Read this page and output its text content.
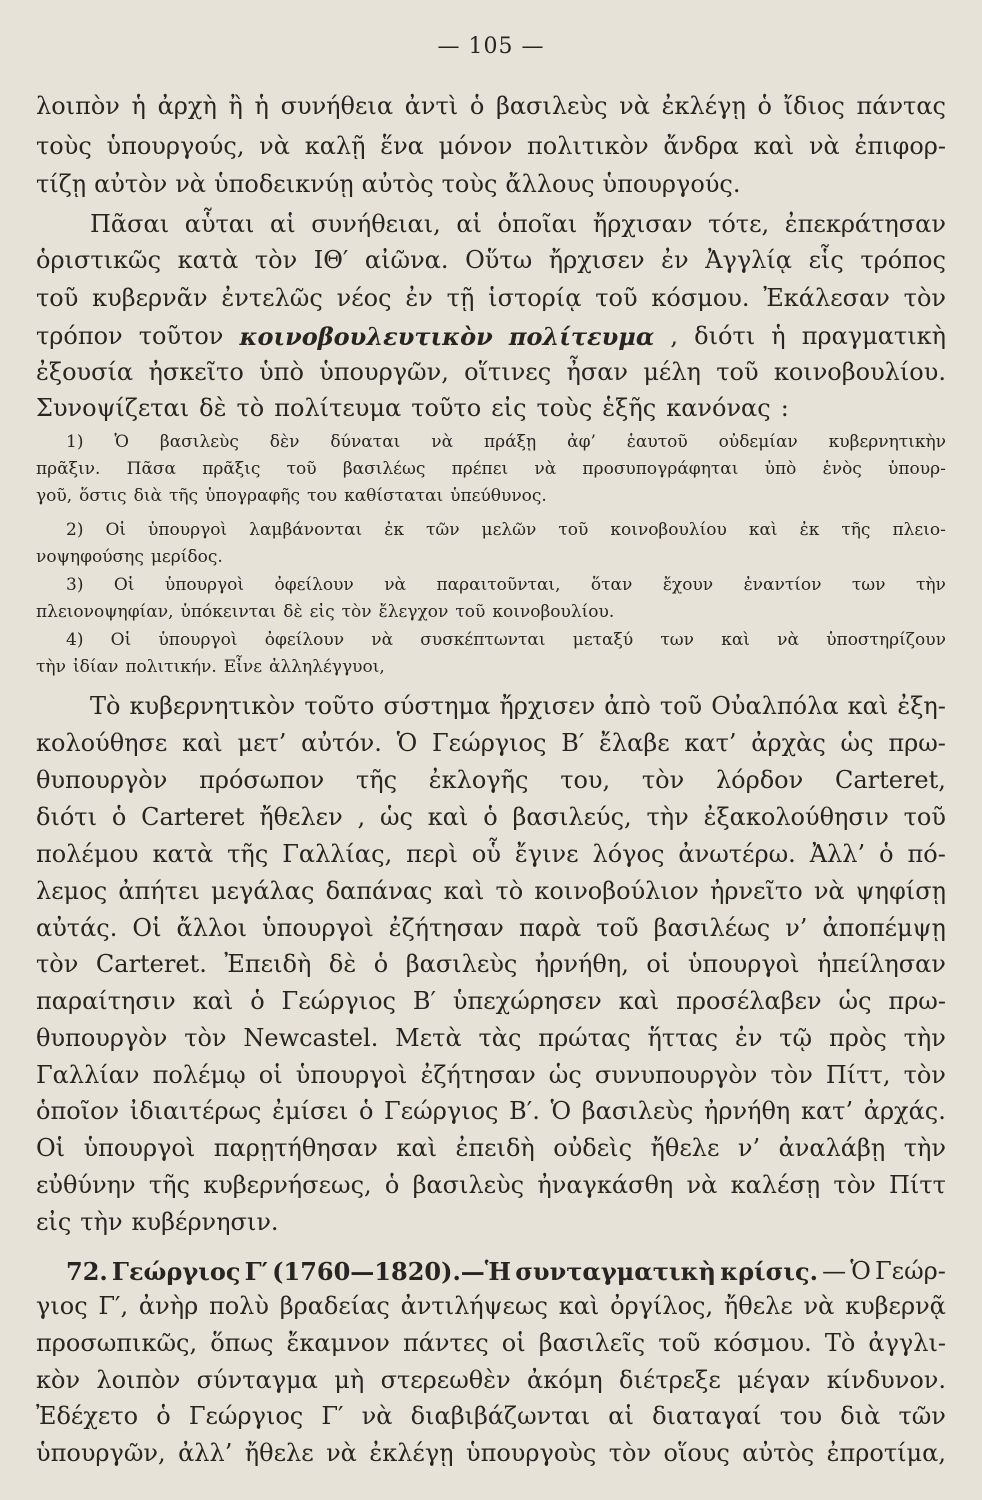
— 105 —
λοιπὸν ἡ ἀρχὴ ἢ ἡ συνήθεια ἀντὶ ὁ βασιλεὺς νὰ ἐκλέγῃ ὁ ἴδιος πάντας
τοὺς ὑπουργούς, νὰ καλῇ ἕνα μόνον πολιτικὸν ἄνδρα καὶ νὰ ἐπιφορ-
τίζῃ αὐτὸν νὰ ὑποδεικνύῃ αὐτὸς τοὺς ἄλλους ὑπουργούς.
Πᾶσαι αὗται αἱ συνήθειαι, αἱ ὁποῖαι ἤρχισαν τότε, ἐπεκράτησαν
ὁριστικῶς κατὰ τὸν ΙΘ′ αἰῶνα. Οὕτω ἤρχισεν ἐν Ἀγγλίᾳ εἷς τρόπος
τοῦ κυβερνᾶν ἐντελῶς νέος ἐν τῇ ἱστορίᾳ τοῦ κόσμου. Ἐκάλεσαν τὸν
τρόπον τοῦτον κοινοβουλευτικὸν πολίτευμα , διότι ἡ πραγματικὴ
ἐξουσία ἠσκεῖτο ὑπὸ ὑπουργῶν, οἵτινες ἦσαν μέλη τοῦ κοινοβουλίου.
Συνοψίζεται δὲ τὸ πολίτευμα τοῦτο εἰς τοὺς ἑξῆς κανόνας :
1) Ὁ βασιλεὺς δὲν δύναται νὰ πράξῃ ἀφ’ ἑαυτοῦ οὐδεμίαν κυβερνητικὴν
πρᾶξιν. Πᾶσα πρᾶξις τοῦ βασιλέως πρέπει νὰ προσυπογράφηται ὑπὸ ἑνὸς ὑπουρ-
γοῦ, ὅστις διὰ τῆς ὑπογραφῆς του καθίσταται ὑπεύθυνος.
2) Οἱ ὑπουργοὶ λαμβάνονται ἐκ τῶν μελῶν τοῦ κοινοβουλίου καὶ ἐκ τῆς πλειο-
νοψηφούσης μερίδος.
3) Οἱ ὑπουργοὶ ὀφείλουν νὰ παραιτοῦνται, ὅταν ἔχουν ἐναντίον των τὴν
πλειονοψηφίαν, ὑπόκεινται δὲ εἰς τὸν ἔλεγχον τοῦ κοινοβουλίου.
4) Οἱ ὑπουργοὶ ὀφείλουν νὰ συσκέπτωνται μεταξύ των καὶ νὰ ὑποστηρίζουν
τὴν ἰδίαν πολιτικήν. Εἶνε ἀλληλέγγυοι,
Τὸ κυβερνητικὸν τοῦτο σύστημα ἤρχισεν ἀπὸ τοῦ Οὐαλπόλα καὶ ἐξη-
κολούθησε καὶ μετ’ αὐτόν. Ὁ Γεώργιος Β′ ἔλαβε κατ’ ἀρχὰς ὡς πρω-
θυπουργὸν πρόσωπον τῆς ἐκλογῆς του, τὸν λόρδον Carteret,
διότι ὁ Carteret ἤθελεν , ὡς καὶ ὁ βασιλεύς, τὴν ἐξακολούθησιν τοῦ
πολέμου κατὰ τῆς Γαλλίας, περὶ οὗ ἔγινε λόγος ἀνωτέρω. Ἀλλ’ ὁ πό-
λεμος ἀπήτει μεγάλας δαπάνας καὶ τὸ κοινοβούλιον ἠρνεῖτο νὰ ψηφίσῃ
αὐτάς. Οἱ ἄλλοι ὑπουργοὶ ἐζήτησαν παρὰ τοῦ βασιλέως ν’ ἀποπέμψῃ
τὸν Carteret. Ἐπειδὴ δὲ ὁ βασιλεὺς ἠρνήθη, οἱ ὑπουργοὶ ἠπείλησαν
παραίτησιν καὶ ὁ Γεώργιος Β′ ὑπεχώρησεν καὶ προσέλαβεν ὡς πρω-
θυπουργὸν τὸν Newcastel. Μετὰ τὰς πρώτας ἥττας ἐν τῷ πρὸς τὴν
Γαλλίαν πολέμῳ οἱ ὑπουργοὶ ἐζήτησαν ὡς συνυπουργὸν τὸν Πίττ, τὸν
ὁποῖον ἰδιαιτέρως ἐμίσει ὁ Γεώργιος Β′. Ὁ βασιλεὺς ἠρνήθη κατ’ ἀρχάς.
Οἱ ὑπουργοὶ παρῃτήθησαν καὶ ἐπειδὴ οὐδεὶς ἤθελε ν’ ἀναλάβῃ τὴν
εὐθύνην τῆς κυβερνήσεως, ὁ βασιλεὺς ἠναγκάσθη νὰ καλέσῃ τὸν Πίττ
εἰς τὴν κυβέρνησιν.
72. Γεώργιος Γ′ (1760—1820).—Ἡ συνταγματικὴ κρίσις. — Ὁ Γεώρ-
γιος Γ′, ἀνὴρ πολὺ βραδείας ἀντιλήψεως καὶ ὀργίλος, ἤθελε νὰ κυβερνᾷ
προσωπικῶς, ὅπως ἔκαμνον πάντες οἱ βασιλεῖς τοῦ κόσμου. Τὸ ἀγγλι-
κὸν λοιπὸν σύνταγμα μὴ στερεωθὲν ἀκόμη διέτρεξε μέγαν κίνδυνον.
Ἐδέχετο ὁ Γεώργιος Γ′ νὰ διαβιβάζωνται αἱ διαταγαί του διὰ τῶν
ὑπουργῶν, ἀλλ’ ἤθελε νὰ ἐκλέγῃ ὑπουργοὺς τὸν οἵους αὐτὸς ἐπροτίμα,
